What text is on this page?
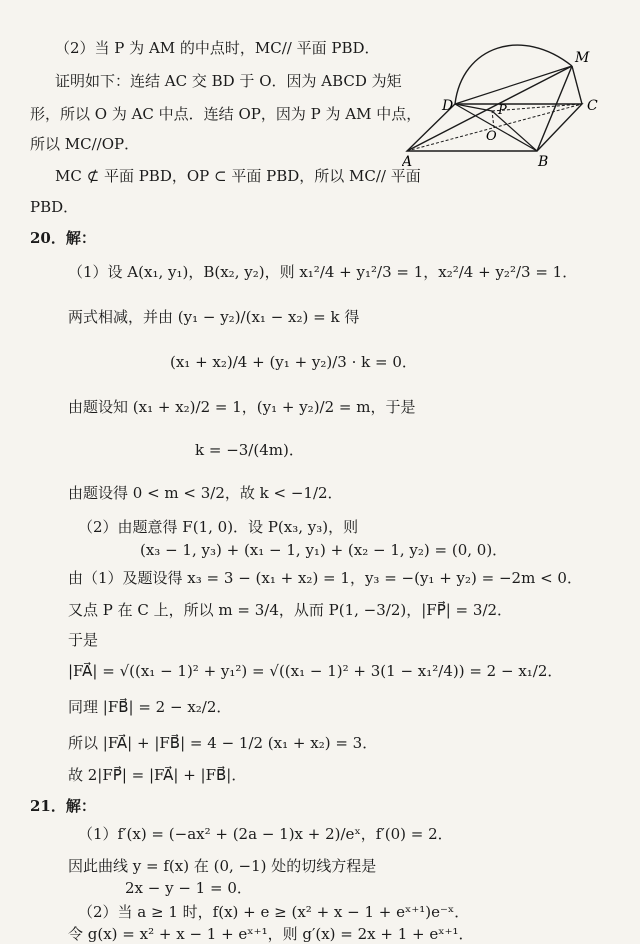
M
D	P	C
O
A	B
（2）当 P 为 AM 的中点时，MC// 平面 PBD．
证明如下：连结 AC 交 BD 于 O．因为 ABCD 为矩
形，所以 O 为 AC 中点．连结 OP，因为 P 为 AM 中点，
所以 MC//OP．
MC ⊄ 平面 PBD，OP ⊂ 平面 PBD，所以 MC// 平面
PBD．
20．解：
（1）设 A(x₁, y₁)，B(x₂, y₂)，则 x₁²/4 + y₁²/3 = 1，x₂²/4 + y₂²/3 = 1．
两式相减，并由 (y₁ − y₂)/(x₁ − x₂) = k 得
(x₁ + x₂)/4 + (y₁ + y₂)/3 · k = 0．
由题设知 (x₁ + x₂)/2 = 1，(y₁ + y₂)/2 = m，于是
k = −3/(4m)．
由题设得 0 < m < 3/2，故 k < −1/2．
（2）由题意得 F(1, 0)．设 P(x₃, y₃)，则
(x₃ − 1, y₃) + (x₁ − 1, y₁) + (x₂ − 1, y₂) = (0, 0)．
由（1）及题设得 x₃ = 3 − (x₁ + x₂) = 1，y₃ = −(y₁ + y₂) = −2m < 0．
又点 P 在 C 上，所以 m = 3/4，从而 P(1, −3/2)，|FP⃗| = 3/2．
于是
|FA⃗| = √((x₁ − 1)² + y₁²) = √((x₁ − 1)² + 3(1 − x₁²/4)) = 2 − x₁/2．
同理 |FB⃗| = 2 − x₂/2．
所以 |FA⃗| + |FB⃗| = 4 − 1/2 (x₁ + x₂) = 3．
故 2|FP⃗| = |FA⃗| + |FB⃗|．
21．解：
（1）f′(x) = (−ax² + (2a − 1)x + 2)/eˣ，f′(0) = 2．
因此曲线 y = f(x) 在 (0, −1) 处的切线方程是
2x − y − 1 = 0．
（2）当 a ≥ 1 时，f(x) + e ≥ (x² + x − 1 + eˣ⁺¹)e⁻ˣ．
令 g(x) = x² + x − 1 + eˣ⁺¹，则 g′(x) = 2x + 1 + eˣ⁺¹．
